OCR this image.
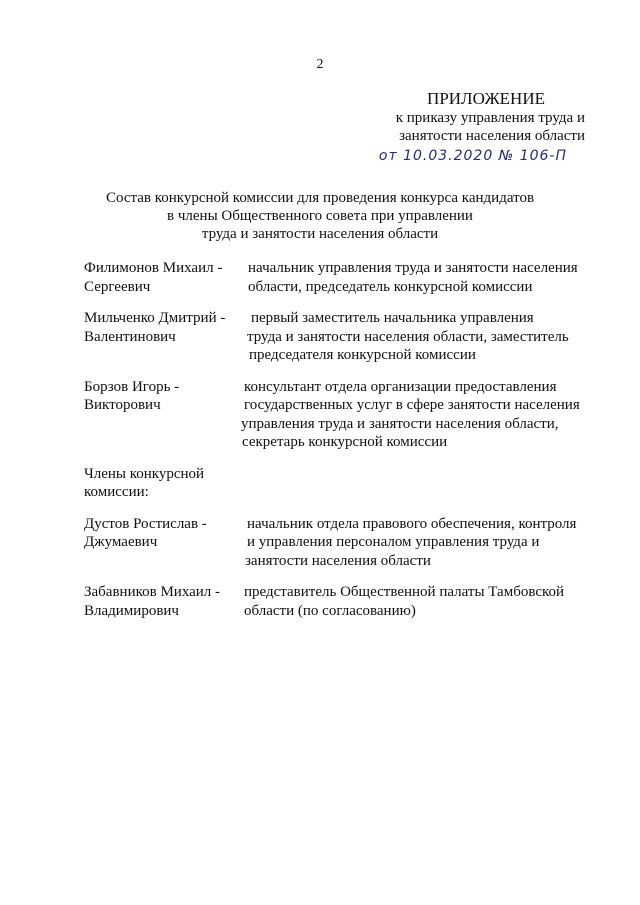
2
ПРИЛОЖЕНИЕ
к приказу управления труда и
занятости населения области
от 10.03.2020 № 106-П
Состав конкурсной комиссии для проведения конкурса кандидатов
в члены Общественного совета при управлении
труда и занятости населения области
Филимонов Михаил -
Сергеевич
начальник управления труда и занятости населения
области, председатель конкурсной комиссии
Мильченко Дмитрий -
Валентинович
первый заместитель начальника управления
труда и занятости населения области, заместитель
председателя конкурсной комиссии
Борзов Игорь -
Викторович
консультант отдела организации предоставления
государственных услуг в сфере занятости населения
управления труда и занятости населения области,
секретарь конкурсной комиссии
Члены конкурсной
комиссии:
Дустов Ростислав -
Джумаевич
начальник отдела правового обеспечения, контроля
и управления персоналом управления труда и
занятости населения области
Забавников Михаил -
Владимирович
представитель Общественной палаты Тамбовской
области (по согласованию)
